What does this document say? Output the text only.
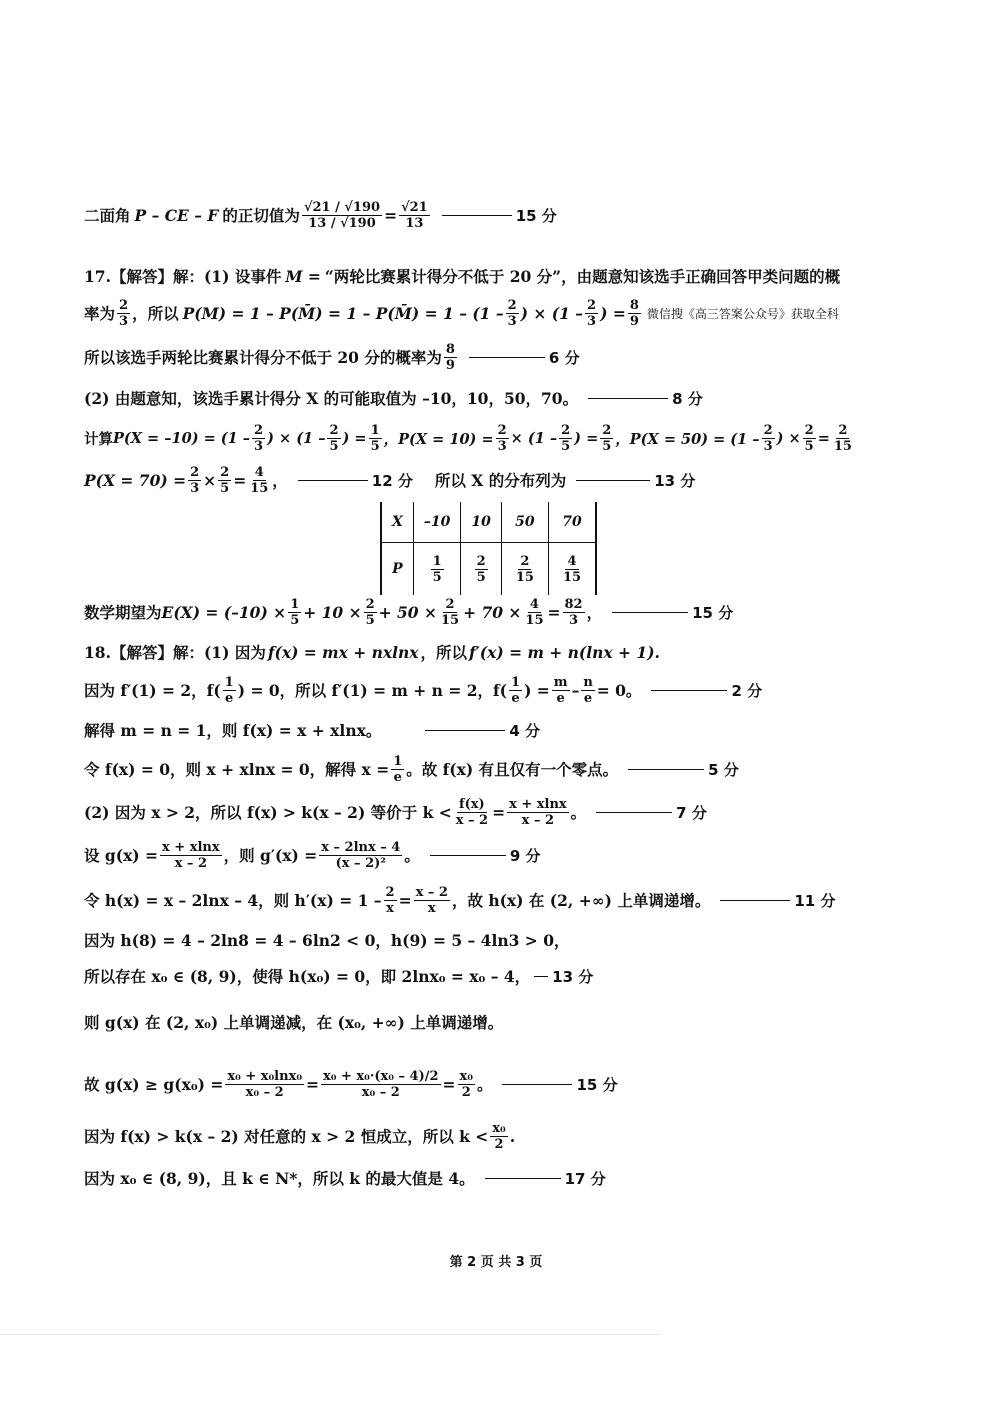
二面角 P – CE – F 的正切值为 $\frac{√21 / √190}{13 / √190} = \frac{√21}{13}$	15 分
17.【解答】解：(1) 设事件 M = “两轮比赛累计得分不低于 20 分”，由题意知该选手正确回答甲类问题的概
率为 $\frac{2}{3}$ ，所以 P(M) = 1 – P(M̄) = 1 – P(M̄) = $1 - (1 - \frac{2}{3}$ ) × ($1 - \frac{2}{3}$ ) = $\frac{8}{9}$ 微信搜《高三答案公众号》获取全科
所以该选手两轮比赛累计得分不低于 20 分的概率为 $\frac{8}{9}$	6 分
(2) 由题意知，该选手累计得分 X 的可能取值为 –10，10，50，70。	8 分
计算 $P(X = -10) = (1 - \frac{2}{3}$ ) × ($1 - \frac{2}{5}$ ) = $\frac{1}{5}$ ，$P(X = 10) = \frac{2}{3} \times (1 - \frac{2}{5}$ ) = $\frac{2}{5}$ ，$P(X = 50) = (1 - \frac{2}{3}$ ) × $\frac{2}{5} = \frac{2}{15}$
$P(X = 70) = \frac{2}{3} \times \frac{2}{5} = \frac{4}{15}$ ，	12 分 所以 X 的分布列为	13 分
X	–10	10	50	70
P	$\frac{1}{5}$	$\frac{2}{5}$	$\frac{2}{15}$	$\frac{4}{15}$
数学期望为 $E(X) = (-10) \times \frac{1}{5} + 10 \times \frac{2}{5} + 50 \times \frac{2}{15} + 70 \times \frac{4}{15} = \frac{82}{3}$ ，	15 分
18.【解答】解：(1) 因为 f(x) = mx + nxlnx ，所以 f′(x) = m + n(lnx + 1).
因为 f′(1) = 2，$f( \frac{1}{e}$ ) = 0，所以 f′(1) = m + n = 2，$f( \frac{1}{e}$ ) = $\frac{m}{e} - \frac{n}{e} = 0$。	2 分
解得 m = n = 1，则 f(x) = x + xlnx。	4 分
令 f(x) = 0，则 x + xlnx = 0，解得 $x = \frac{1}{e}$ 。故 f(x) 有且仅有一个零点。	5 分
(2) 因为 x > 2，所以 f(x) > k(x – 2) 等价于 $k < \frac{f(x)}{x - 2} = \frac{x + xlnx}{x - 2}$ 。	7 分
设 $g(x) = \frac{x + xlnx}{x - 2}$ ，则 $g'(x) = \frac{x - 2\ln x - 4}{\text{(x – 2)²}}$ 。	9 分
令 h(x) = x – 2lnx – 4，则 $h'(x) = 1 - \frac{2}{x} = \frac{x - 2}{x}$ ，故 h(x) 在 (2, +∞) 上单调递增。	11 分
因为 h(8) = 4 – 2ln8 = 4 – 6ln2 < 0，h(9) = 5 – 4ln3 > 0，
所以存在 x₀ ∈ (8, 9)，使得 h(x₀) = 0，即 2lnx₀ = x₀ – 4， 13 分
则 g(x) 在 (2, x₀) 上单调递减，在 (x₀, +∞) 上单调递增。
故 $g(x) \ge g(x_0) = \frac{\text{x₀ + x₀lnx₀}}{\text{x₀ – 2}} = \frac{\text{x₀ + x₀·(x₀ – 4)/2}}{\text{x₀ – 2}} = \frac{\text{x₀}}{2}$ 。	15 分
因为 f(x) > k(x – 2) 对任意的 x > 2 恒成立，所以 $k < \frac{\text{x₀}}{2}$ .
因为 x₀ ∈ (8, 9)，且 k ∈ N*，所以 k 的最大值是 4。	17 分
第 2 页 共 3 页
